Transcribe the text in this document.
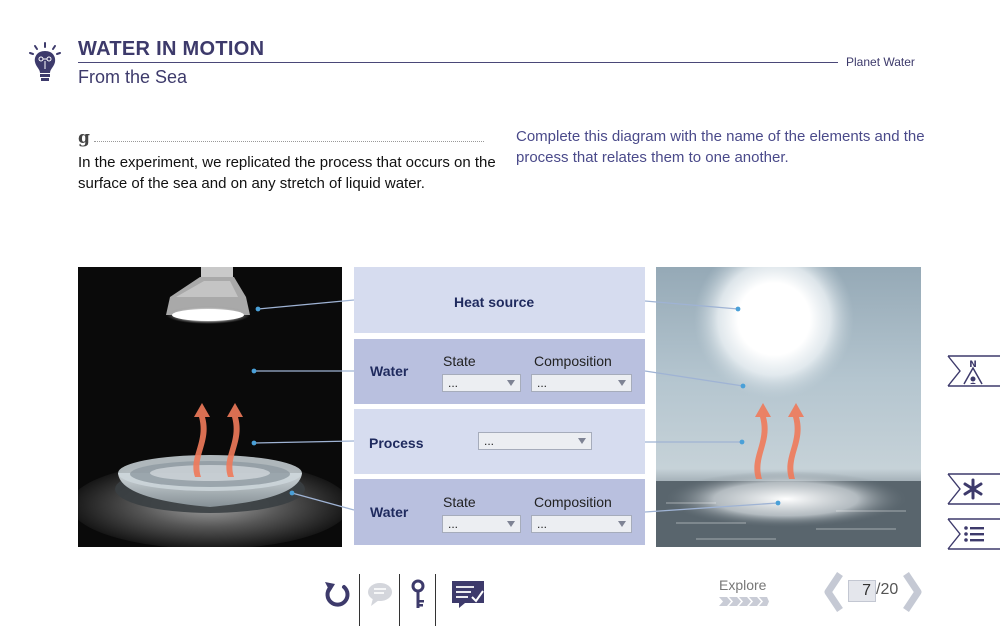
WATER IN MOTION
From the Sea
Planet Water
g
In the experiment, we replicated the process that occurs on the surface of the sea and on any stretch of liquid water.
Complete this diagram with the name of the elements and the process that relates them to one another.
Heat source
Water
State	Composition
...	...
Process	...
Water
State	Composition
...	...
N
Explore	7 /20
